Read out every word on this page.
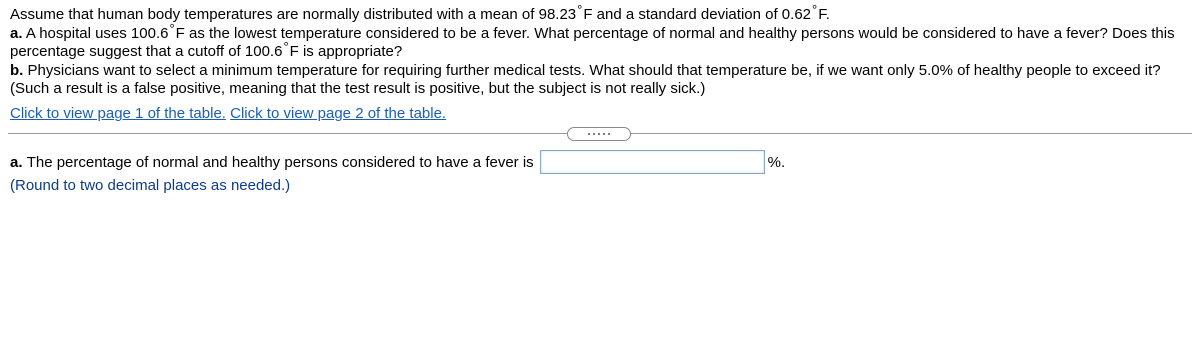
Assume that human body temperatures are normally distributed with a mean of 98.23°F and a standard deviation of 0.62°F.

a. A hospital uses 100.6°F as the lowest temperature considered to be a fever. What percentage of normal and healthy persons would be considered to have a fever? Does this percentage suggest that a cutoff of 100.6°F is appropriate?

b. Physicians want to select a minimum temperature for requiring further medical tests. What should that temperature be, if we want only 5.0% of healthy people to exceed it? (Such a result is a false positive, meaning that the test result is positive, but the subject is not really sick.)

Click to view page 1 of the table. Click to view page 2 of the table.
a.
The percentage of normal and healthy persons considered to have a fever is	%.
(Round to two decimal places as needed.)
